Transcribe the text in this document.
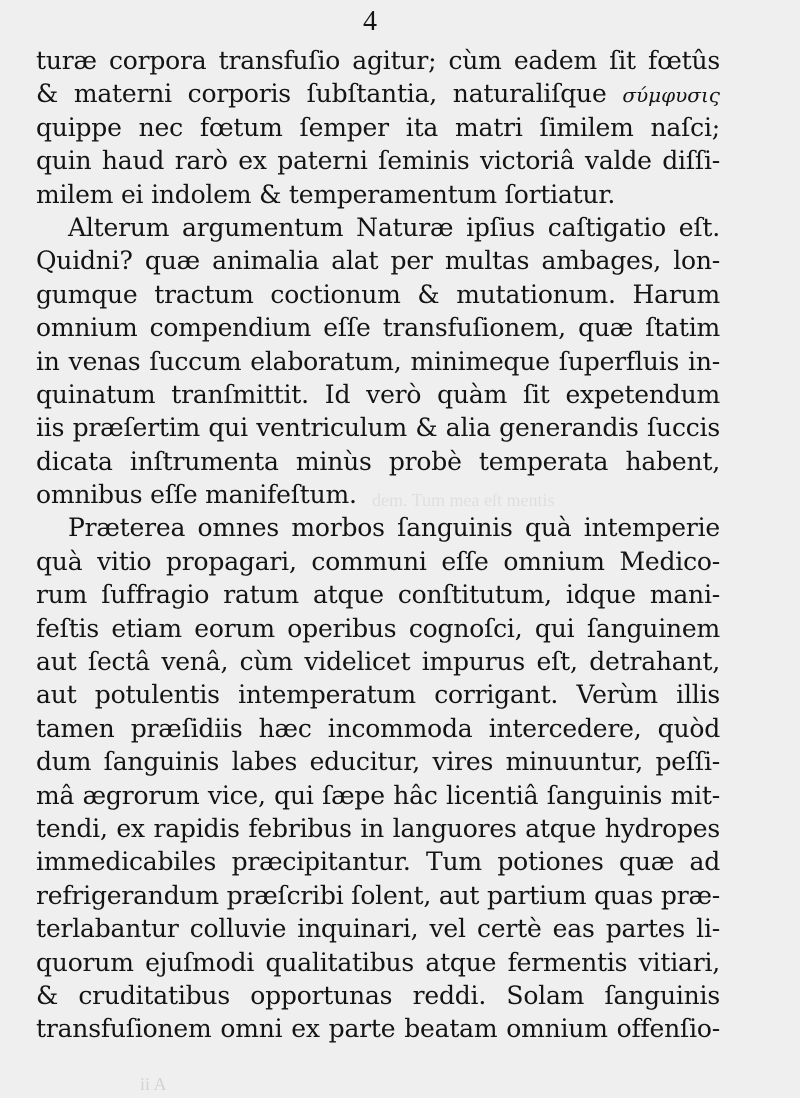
4
turæ corpora transfuſio agitur; cùm eadem ſit fœtûs
& materni corporis ſubſtantia, naturaliſque σύμφυσις
quippe nec fœtum ſemper ita matri ſimilem naſci;
quin haud rarò ex paterni ſeminis victoriâ valde diſſi-
milem ei indolem & temperamentum ſortiatur.
Alterum argumentum Naturæ ipſius caſtigatio eſt.
Quidni? quæ animalia alat per multas ambages, lon-
gumque tractum coctionum & mutationum. Harum
omnium compendium eſſe transfuſionem, quæ ſtatim
in venas ſuccum elaboratum, minimeque ſuperfluis in-
quinatum tranſmittit. Id verò quàm ſit expetendum
iis præſertim qui ventriculum & alia generandis ſuccis
dicata inſtrumenta minùs probè temperata habent,
omnibus eſſe manifeſtum.
Præterea omnes morbos ſanguinis quà intemperie
quà vitio propagari, communi eſſe omnium Medico-
rum ſuffragio ratum atque conſtitutum, idque mani-
feſtis etiam eorum operibus cognoſci, qui ſanguinem
aut ſectâ venâ, cùm videlicet impurus eſt, detrahant,
aut potulentis intemperatum corrigant. Verùm illis
tamen præſidiis hæc incommoda intercedere, quòd
dum ſanguinis labes educitur, vires minuuntur, peſſi-
mâ ægrorum vice, qui ſæpe hâc licentiâ ſanguinis mit-
tendi, ex rapidis febribus in languores atque hydropes
immedicabiles præcipitantur. Tum potiones quæ ad
refrigerandum præſcribi ſolent, aut partium quas præ-
terlabantur colluvie inquinari, vel certè eas partes li-
quorum ejuſmodi qualitatibus atque fermentis vitiari,
& cruditatibus opportunas reddi. Solam ſanguinis
transfuſionem omni ex parte beatam omnium offenſio-
dem. Tum mea eſt mentis
ii A
